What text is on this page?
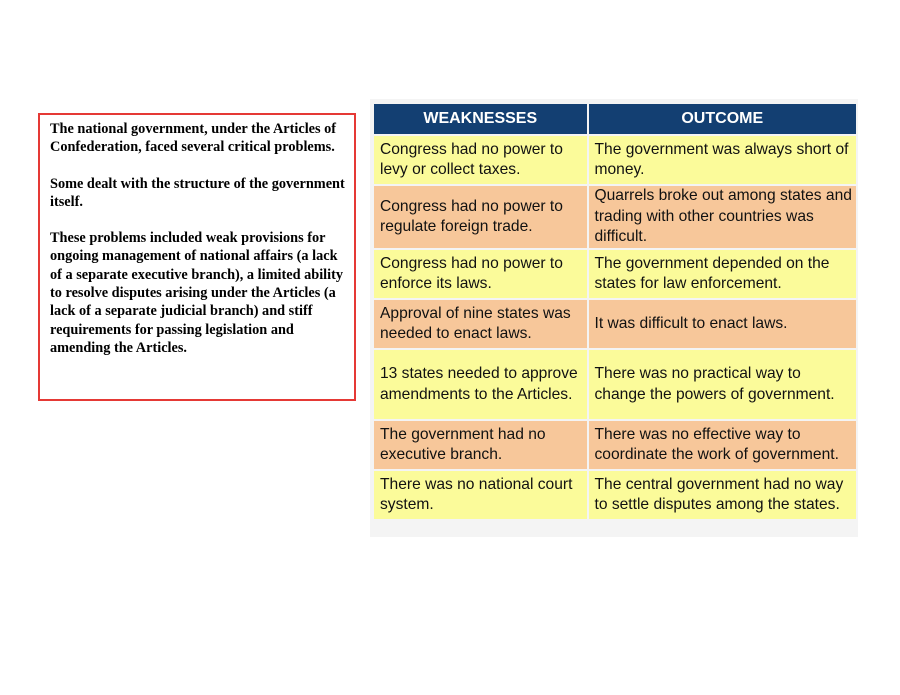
The national government, under the Articles of Confederation, faced several critical problems.

Some dealt with the structure of the government itself.

These problems included weak provisions for ongoing management of national affairs (a lack of a separate executive branch), a limited ability to resolve disputes arising under the Articles (a lack of a separate judicial branch) and stiff requirements for passing legislation and amending the Articles.

WEAKNESSES	OUTCOME
Congress had no power to levy or collect taxes.	The government was always short of money.
Congress had no power to regulate foreign trade.	Quarrels broke out among states and trading with other countries was difficult.
Congress had no power to enforce its laws.	The government depended on the states for law enforcement.
Approval of nine states was needed to enact laws.	It was difficult to enact laws.
13 states needed to approve amendments to the Articles.	There was no practical way to change the powers of government.
The government had no executive branch.	There was no effective way to coordinate the work of government.
There was no national court system.	The central government had no way to settle disputes among the states.
